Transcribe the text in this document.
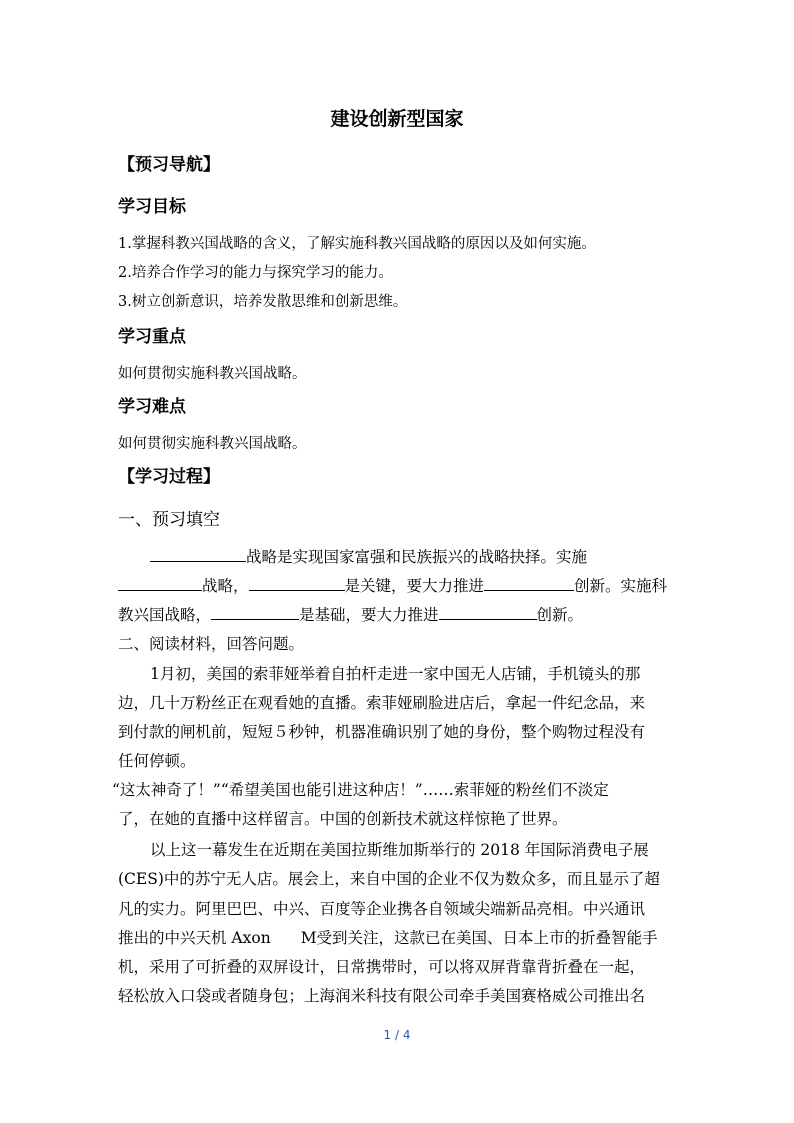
建设创新型国家
【预习导航】
学习目标
1.掌握科教兴国战略的含义，了解实施科教兴国战略的原因以及如何实施。
2.培养合作学习的能力与探究学习的能力。
3.树立创新意识，培养发散思维和创新思维。
学习重点
如何贯彻实施科教兴国战略。
学习难点
如何贯彻实施科教兴国战略。
【学习过程】
一、预习填空
战略是实现国家富强和民族振兴的战略抉择。实施
战略，	是关键，要大力推进	创新。实施科
教兴国战略，	是基础，要大力推进	创新。
二、阅读材料，回答问题。
1月初，美国的索菲娅举着自拍杆走进一家中国无人店铺，手机镜头的那
边，几十万粉丝正在观看她的直播。索菲娅刷脸进店后，拿起一件纪念品，来
到付款的闸机前，短短５秒钟，机器准确识别了她的身份，整个购物过程没有
任何停顿。
“这太神奇了！”“希望美国也能引进这种店！”……索菲娅的粉丝们不淡定
了，在她的直播中这样留言。中国的创新技术就这样惊艳了世界。
以上这一幕发生在近期在美国拉斯维加斯举行的 2018 年国际消费电子展
(CES)中的苏宁无人店。展会上，来自中国的企业不仅为数众多，而且显示了超
凡的实力。阿里巴巴、中兴、百度等企业携各自领域尖端新品亮相。中兴通讯
推出的中兴天机 Axon M受到关注，这款已在美国、日本上市的折叠智能手
机，采用了可折叠的双屏设计，日常携带时，可以将双屏背靠背折叠在一起，
轻松放入口袋或者随身包；上海润米科技有限公司牵手美国赛格威公司推出名
1 / 4
